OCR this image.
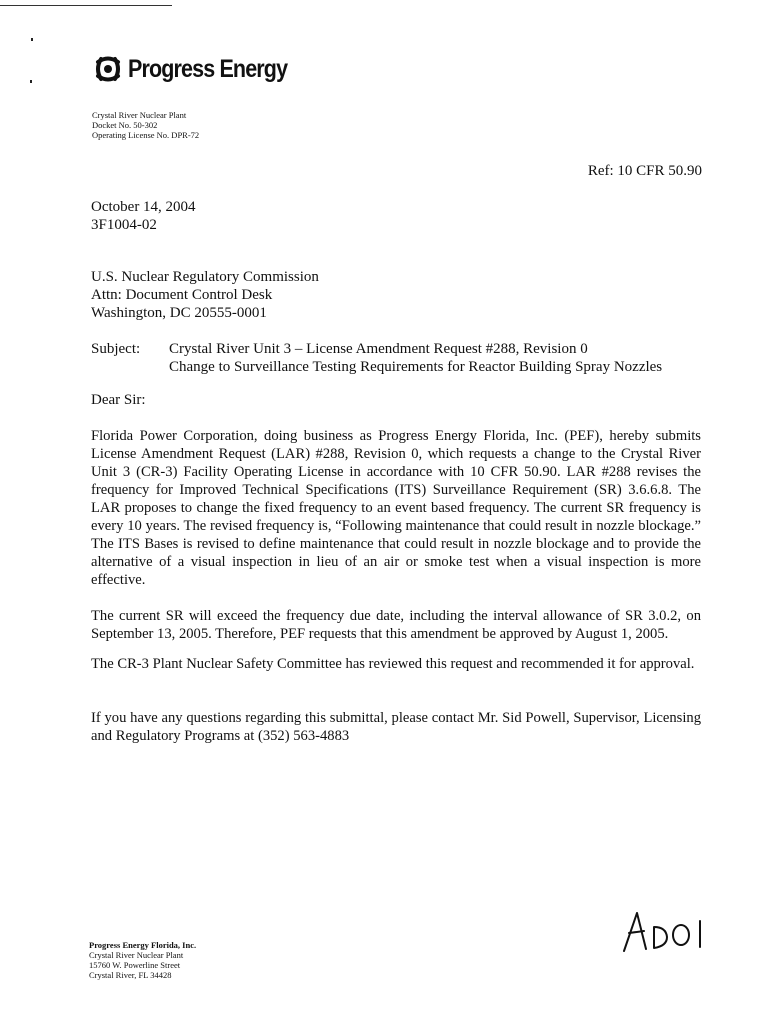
Progress Energy
Crystal River Nuclear Plant
Docket No. 50-302
Operating License No. DPR-72
Ref: 10 CFR 50.90
October 14, 2004
3F1004-02
U.S. Nuclear Regulatory Commission
Attn: Document Control Desk
Washington, DC 20555-0001
Subject:	Crystal River Unit 3 – License Amendment Request #288, Revision 0
Change to Surveillance Testing Requirements for Reactor Building Spray Nozzles
Dear Sir:

Florida Power Corporation, doing business as Progress Energy Florida, Inc. (PEF), hereby submits License Amendment Request (LAR) #288, Revision 0, which requests a change to the Crystal River Unit 3 (CR-3) Facility Operating License in accordance with 10 CFR 50.90. LAR #288 revises the frequency for Improved Technical Specifications (ITS) Surveillance Requirement (SR) 3.6.6.8. The LAR proposes to change the fixed frequency to an event based frequency. The current SR frequency is every 10 years. The revised frequency is, “Following maintenance that could result in nozzle blockage.” The ITS Bases is revised to define maintenance that could result in nozzle blockage and to provide the alternative of a visual inspection in lieu of an air or smoke test when a visual inspection is more effective.

The current SR will exceed the frequency due date, including the interval allowance of SR 3.0.2, on September 13, 2005. Therefore, PEF requests that this amendment be approved by August 1, 2005.

The CR-3 Plant Nuclear Safety Committee has reviewed this request and recommended it for approval.

If you have any questions regarding this submittal, please contact Mr. Sid Powell, Supervisor, Licensing and Regulatory Programs at (352) 563-4883

Progress Energy Florida, Inc.
Crystal River Nuclear Plant
15760 W. Powerline Street
Crystal River, FL 34428
